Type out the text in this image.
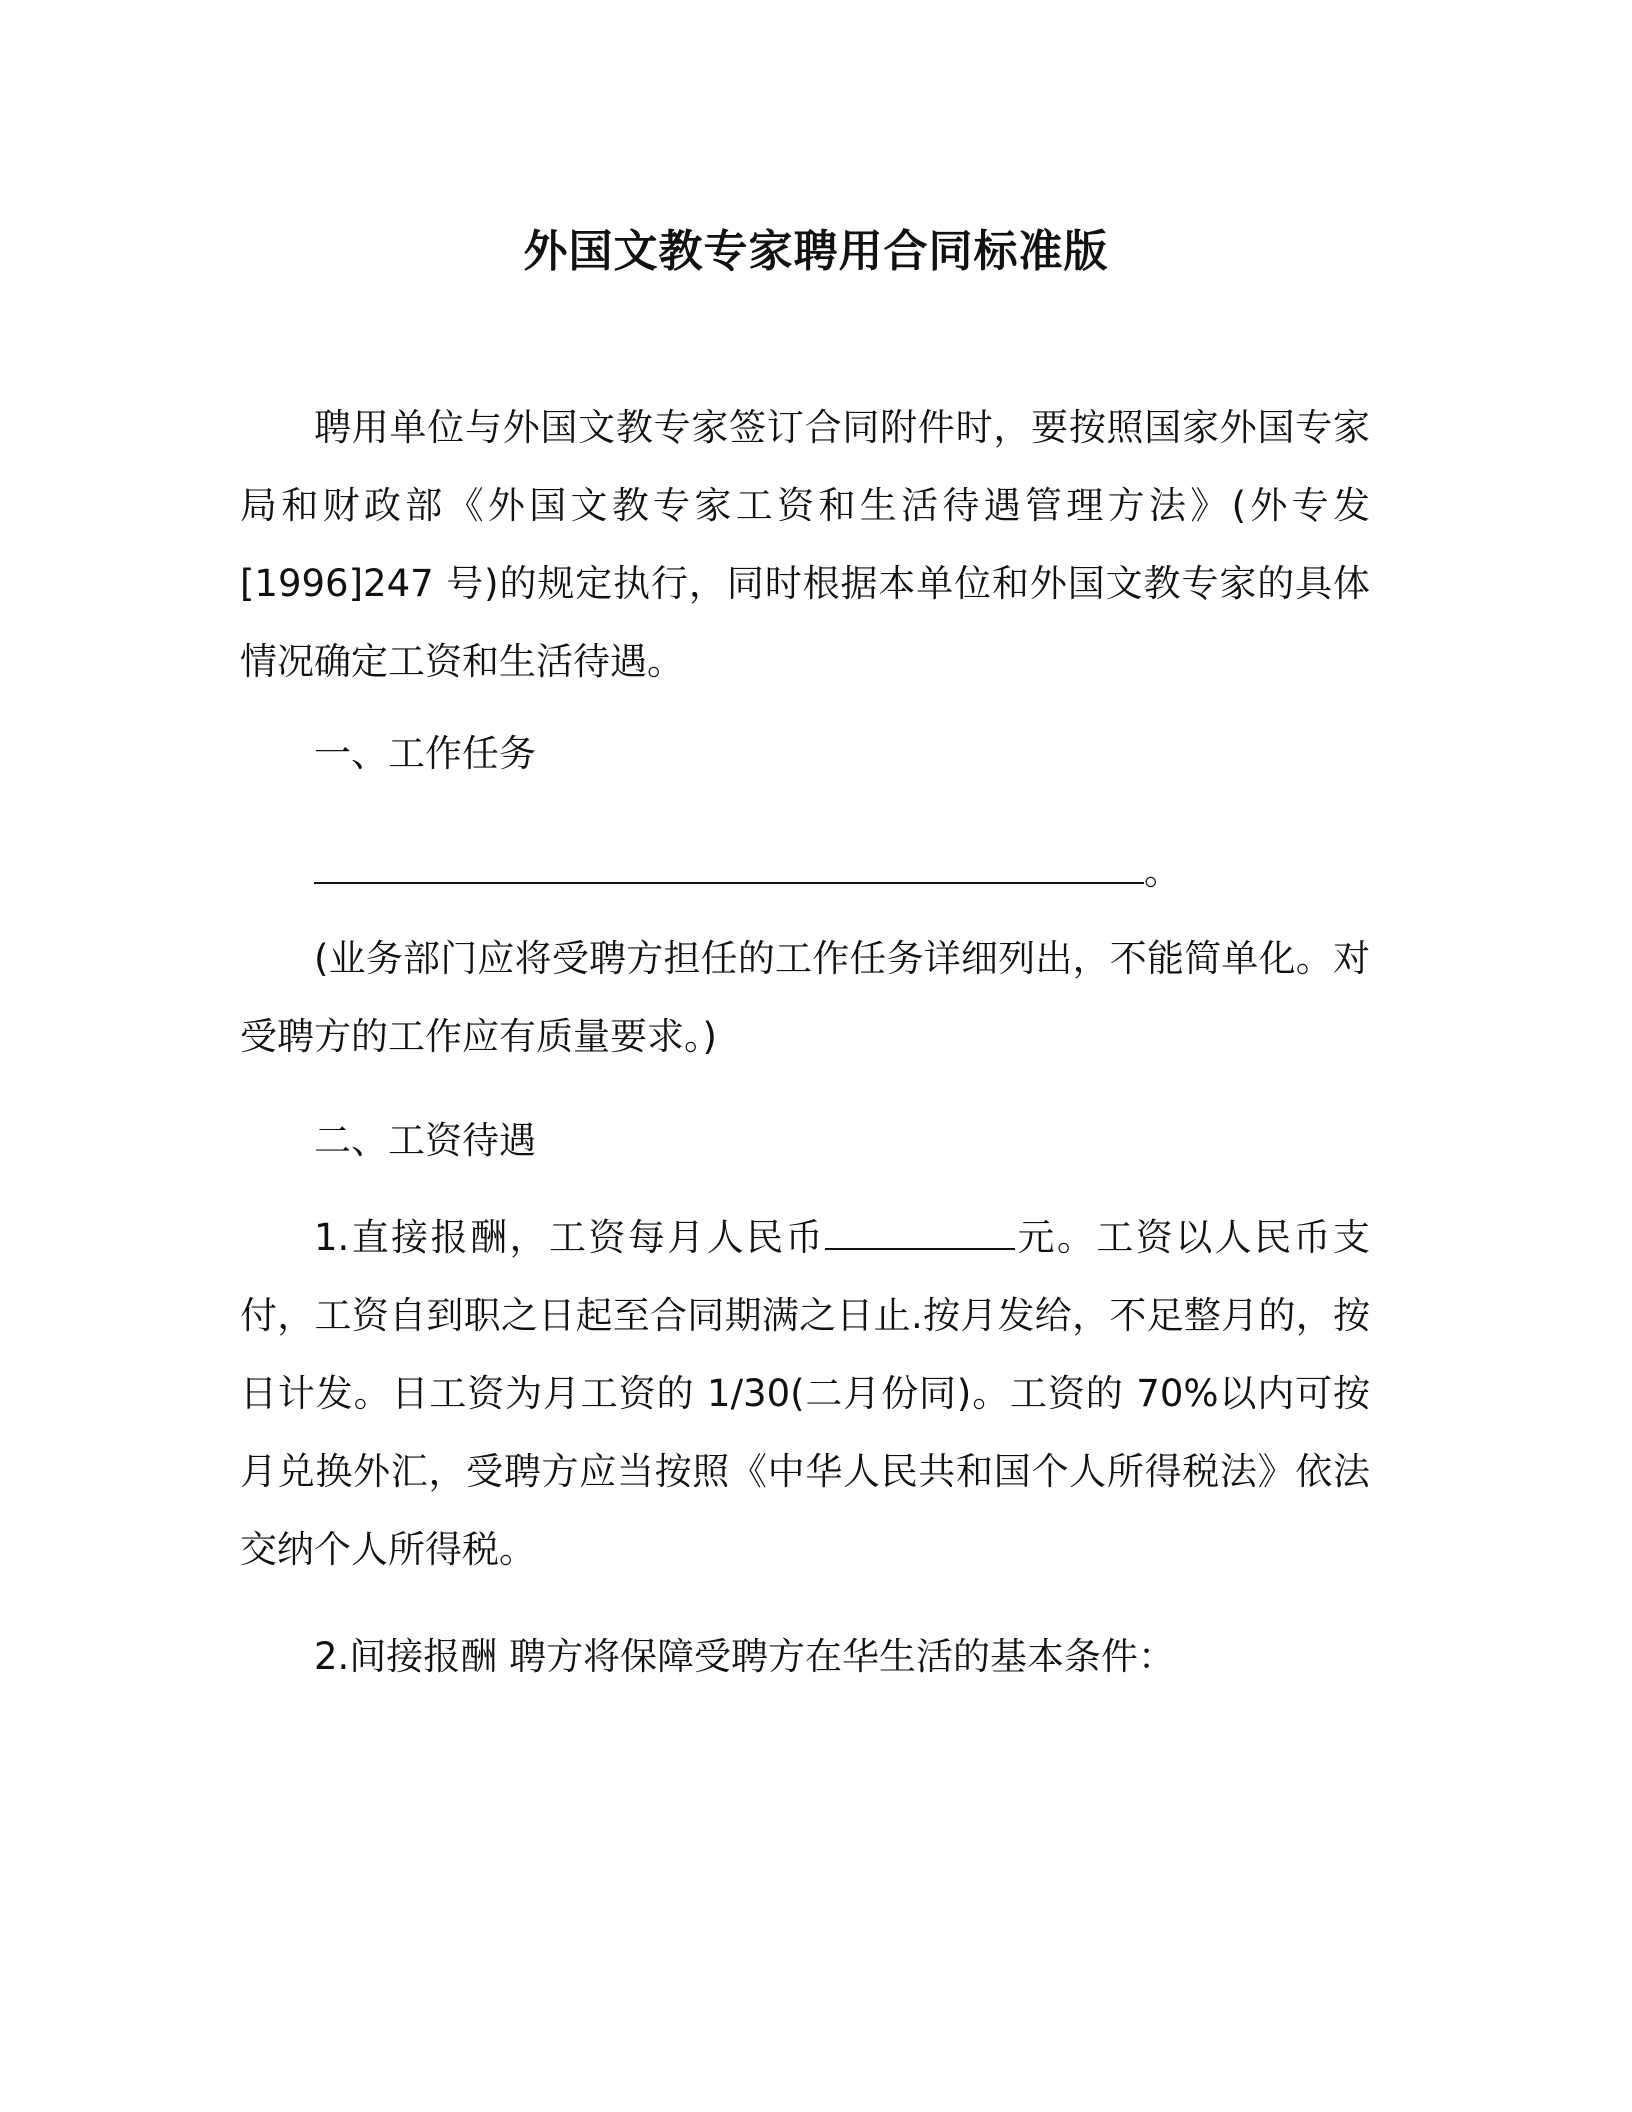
外国文教专家聘用合同标准版

聘用单位与外国文教专家签订合同附件时，要按照国家外国专家局和财政部《外国文教专家工资和生活待遇管理方法》(外专发[1996]247 号)的规定执行，同时根据本单位和外国文教专家的具体情况确定工资和生活待遇。

一、工作任务

。

(业务部门应将受聘方担任的工作任务详细列出，不能简单化。对受聘方的工作应有质量要求。)

二、工资待遇

1.直接报酬，工资每月人民币	元。工资以人民币支付，工资自到职之日起至合同期满之日止.按月发给，不足整月的，按日计发。日工资为月工资的 1/30(二月份同)。工资的 70%以内可按月兑换外汇，受聘方应当按照《中华人民共和国个人所得税法》依法交纳个人所得税。

2.间接报酬 聘方将保障受聘方在华生活的基本条件：
